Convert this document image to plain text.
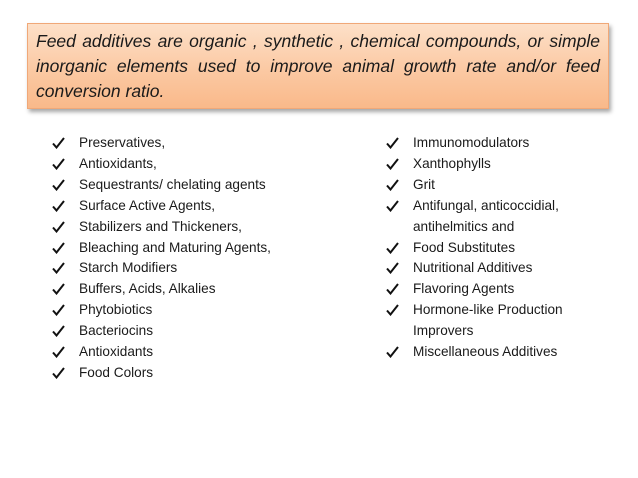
Feed additives are organic , synthetic , chemical compounds, or simple inorganic elements used to improve animal growth rate and/or feed conversion ratio.

Preservatives,
Antioxidants,
Sequestrants/ chelating agents
Surface Active Agents,
Stabilizers and Thickeners,
Bleaching and Maturing Agents,
Starch Modifiers
Buffers, Acids, Alkalies
Phytobiotics
Bacteriocins
Antioxidants
Food Colors
Immunomodulators
Xanthophylls
Grit
Antifungal, anticoccidial, antihelmitics and
Food Substitutes
Nutritional Additives
Flavoring Agents
Hormone-like Production Improvers
Miscellaneous Additives
